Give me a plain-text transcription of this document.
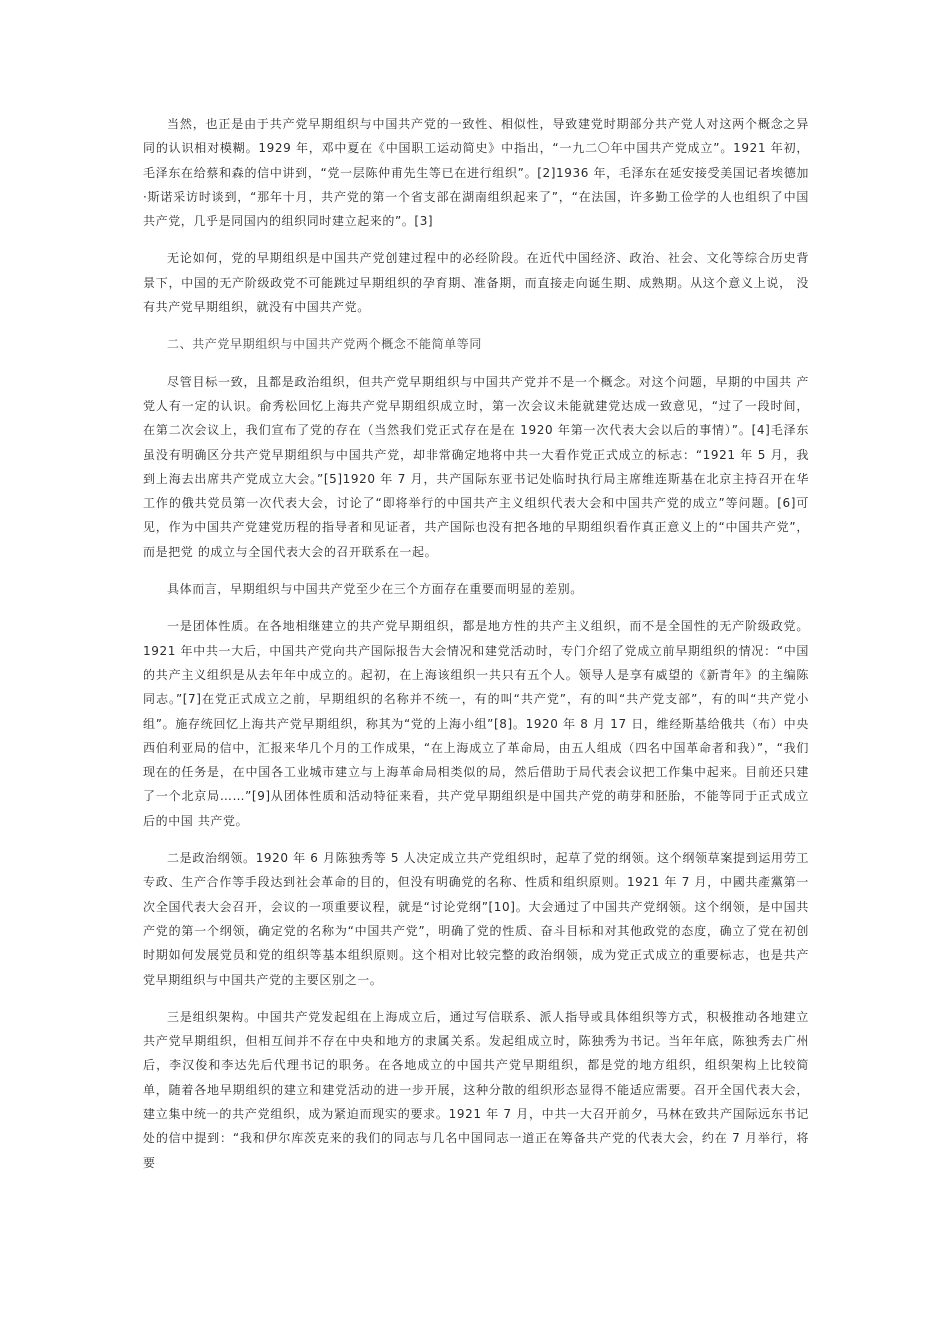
当然，也正是由于共产党早期组织与中国共产党的一致性、相似性，导致建党时期部分共产党人对这两个概念之异同的认识相对模糊。1929 年，邓中夏在《中国职工运动简史》中指出，“一九二〇年中国共产党成立”。1921 年初， 毛泽东在给蔡和森的信中讲到，“党一层陈仲甫先生等已在进行组织”。[2]1936 年，毛泽东在延安接受美国记者埃德加·斯诺采访时谈到，“那年十月，共产党的第一个省支部在湖南组织起来了”，“在法国，许多勤工俭学的人也组织了中国共产党，几乎是同国内的组织同时建立起来的”。[3]

无论如何，党的早期组织是中国共产党创建过程中的必经阶段。在近代中国经济、政治、社会、文化等综合历史背景下，中国的无产阶级政党不可能跳过早期组织的孕育期、准备期，而直接走向诞生期、成熟期。从这个意义上说， 没有共产党早期组织，就没有中国共产党。

二、共产党早期组织与中国共产党两个概念不能简单等同

尽管目标一致，且都是政治组织，但共产党早期组织与中国共产党并不是一个概念。对这个问题，早期的中国共 产党人有一定的认识。俞秀松回忆上海共产党早期组织成立时，第一次会议未能就建党达成一致意见，“过了一段时间， 在第二次会议上，我们宣布了党的存在（当然我们党正式存在是在 1920 年第一次代表大会以后的事情）”。[4]毛泽东虽没有明确区分共产党早期组织与中国共产党，却非常确定地将中共一大看作党正式成立的标志：“1921 年 5 月，我到上海去出席共产党成立大会。”[5]1920 年 7 月，共产国际东亚书记处临时执行局主席维连斯基在北京主持召开在华工作的俄共党员第一次代表大会，讨论了“即将举行的中国共产主义组织代表大会和中国共产党的成立”等问题。[6]可见，作为中国共产党建党历程的指导者和见证者，共产国际也没有把各地的早期组织看作真正意义上的“中国共产党”，而是把党 的成立与全国代表大会的召开联系在一起。

具体而言，早期组织与中国共产党至少在三个方面存在重要而明显的差别。

一是团体性质。在各地相继建立的共产党早期组织，都是地方性的共产主义组织，而不是全国性的无产阶级政党。1921 年中共一大后，中国共产党向共产国际报告大会情况和建党活动时，专门介绍了党成立前早期组织的情况：“中国的共产主义组织是从去年年中成立的。起初，在上海该组织一共只有五个人。领导人是享有威望的《新青年》的主编陈同志。”[7]在党正式成立之前，早期组织的名称并不统一，有的叫“共产党”，有的叫“共产党支部”，有的叫“共产党小组”。施存统回忆上海共产党早期组织，称其为“党的上海小组”[8]。1920 年 8 月 17 日，维经斯基给俄共（布）中央西伯利亚局的信中，汇报来华几个月的工作成果，“在上海成立了革命局，由五人组成（四名中国革命者和我）”，“我们现在的任务是，在中国各工业城市建立与上海革命局相类似的局，然后借助于局代表会议把工作集中起来。目前还只建了一个北京局……”[9]从团体性质和活动特征来看，共产党早期组织是中国共产党的萌芽和胚胎，不能等同于正式成立后的中国 共产党。

二是政治纲领。1920 年 6 月陈独秀等 5 人决定成立共产党组织时，起草了党的纲领。这个纲领草案提到运用劳工专政、生产合作等手段达到社会革命的目的，但没有明确党的名称、性质和组织原则。1921 年 7 月，中國共產黨第一次全国代表大会召开，会议的一项重要议程，就是“讨论党纲”[10]。大会通过了中国共产党纲领。这个纲领，是中国共产党的第一个纲领，确定党的名称为“中国共产党”，明确了党的性质、奋斗目标和对其他政党的态度，确立了党在初创时期如何发展党员和党的组织等基本组织原则。这个相对比较完整的政治纲领，成为党正式成立的重要标志，也是共产党早期组织与中国共产党的主要区别之一。

三是组织架构。中国共产党发起组在上海成立后，通过写信联系、派人指导或具体组织等方式，积极推动各地建立共产党早期组织，但相互间并不存在中央和地方的隶属关系。发起组成立时，陈独秀为书记。当年年底，陈独秀去广州后，李汉俊和李达先后代理书记的职务。在各地成立的中国共产党早期组织，都是党的地方组织，组织架构上比较简单，随着各地早期组织的建立和建党活动的进一步开展，这种分散的组织形态显得不能适应需要。召开全国代表大会， 建立集中统一的共产党组织，成为紧迫而现实的要求。1921 年 7 月，中共一大召开前夕，马林在致共产国际远东书记处的信中提到：“我和伊尔库茨克来的我们的同志与几名中国同志一道正在筹备共产党的代表大会，约在 7 月举行，将要
